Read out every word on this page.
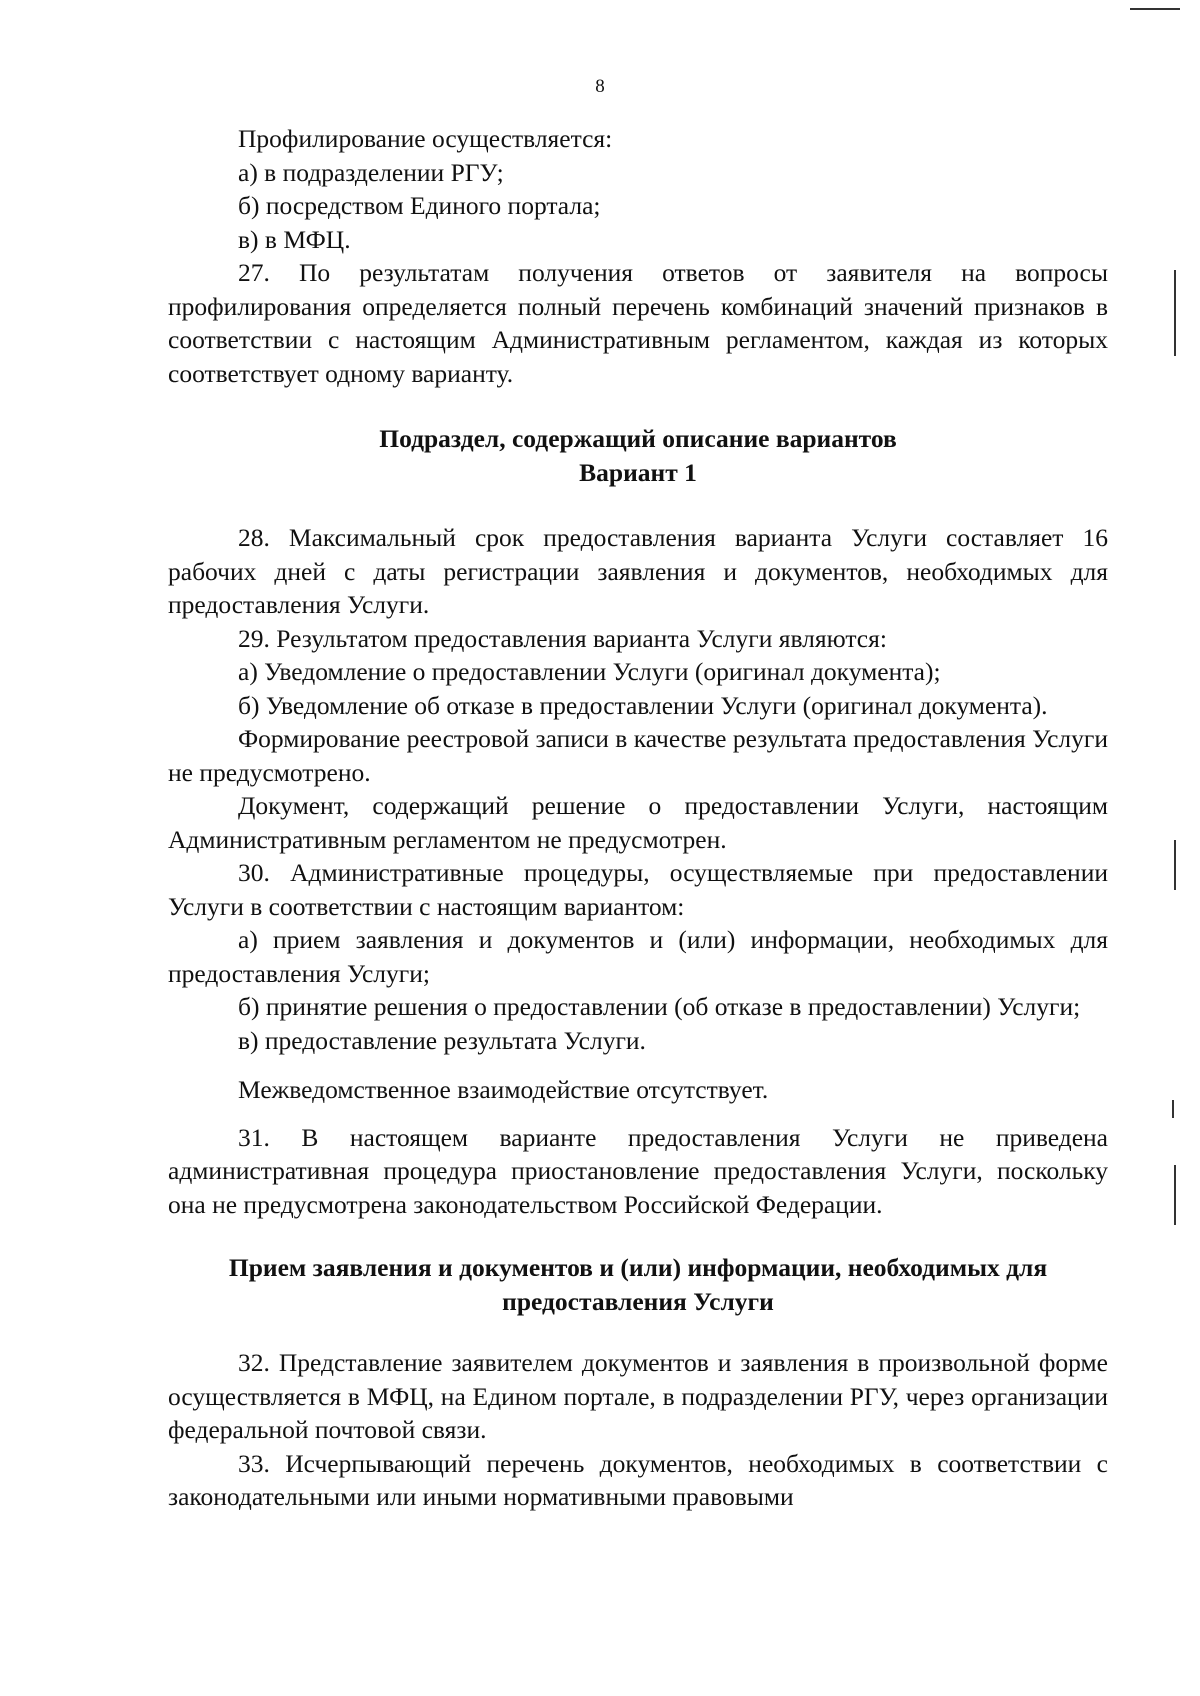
8

Профилирование осуществляется:

а) в подразделении РГУ;

б) посредством Единого портала;

в) в МФЦ.

27. По результатам получения ответов от заявителя на вопросы профилирования определяется полный перечень комбинаций значений признаков в соответствии с настоящим Административным регламентом, каждая из которых соответствует одному варианту.

Подраздел, содержащий описание вариантов
Вариант 1

28. Максимальный срок предоставления варианта Услуги составляет 16 рабочих дней с даты регистрации заявления и документов, необходимых для предоставления Услуги.

29. Результатом предоставления варианта Услуги являются:

а) Уведомление о предоставлении Услуги (оригинал документа);

б) Уведомление об отказе в предоставлении Услуги (оригинал документа).

Формирование реестровой записи в качестве результата предоставления Услуги не предусмотрено.

Документ, содержащий решение о предоставлении Услуги, настоящим Административным регламентом не предусмотрен.

30. Административные процедуры, осуществляемые при предоставлении Услуги в соответствии с настоящим вариантом:

а) прием заявления и документов и (или) информации, необходимых для предоставления Услуги;

б) принятие решения о предоставлении (об отказе в предоставлении) Услуги;

в) предоставление результата Услуги.

Межведомственное взаимодействие отсутствует.

31. В настоящем варианте предоставления Услуги не приведена административная процедура приостановление предоставления Услуги, поскольку она не предусмотрена законодательством Российской Федерации.

Прием заявления и документов и (или) информации, необходимых для предоставления Услуги

32. Представление заявителем документов и заявления в произвольной форме осуществляется в МФЦ, на Едином портале, в подразделении РГУ, через организации федеральной почтовой связи.

33. Исчерпывающий перечень документов, необходимых в соответствии с законодательными или иными нормативными правовыми
